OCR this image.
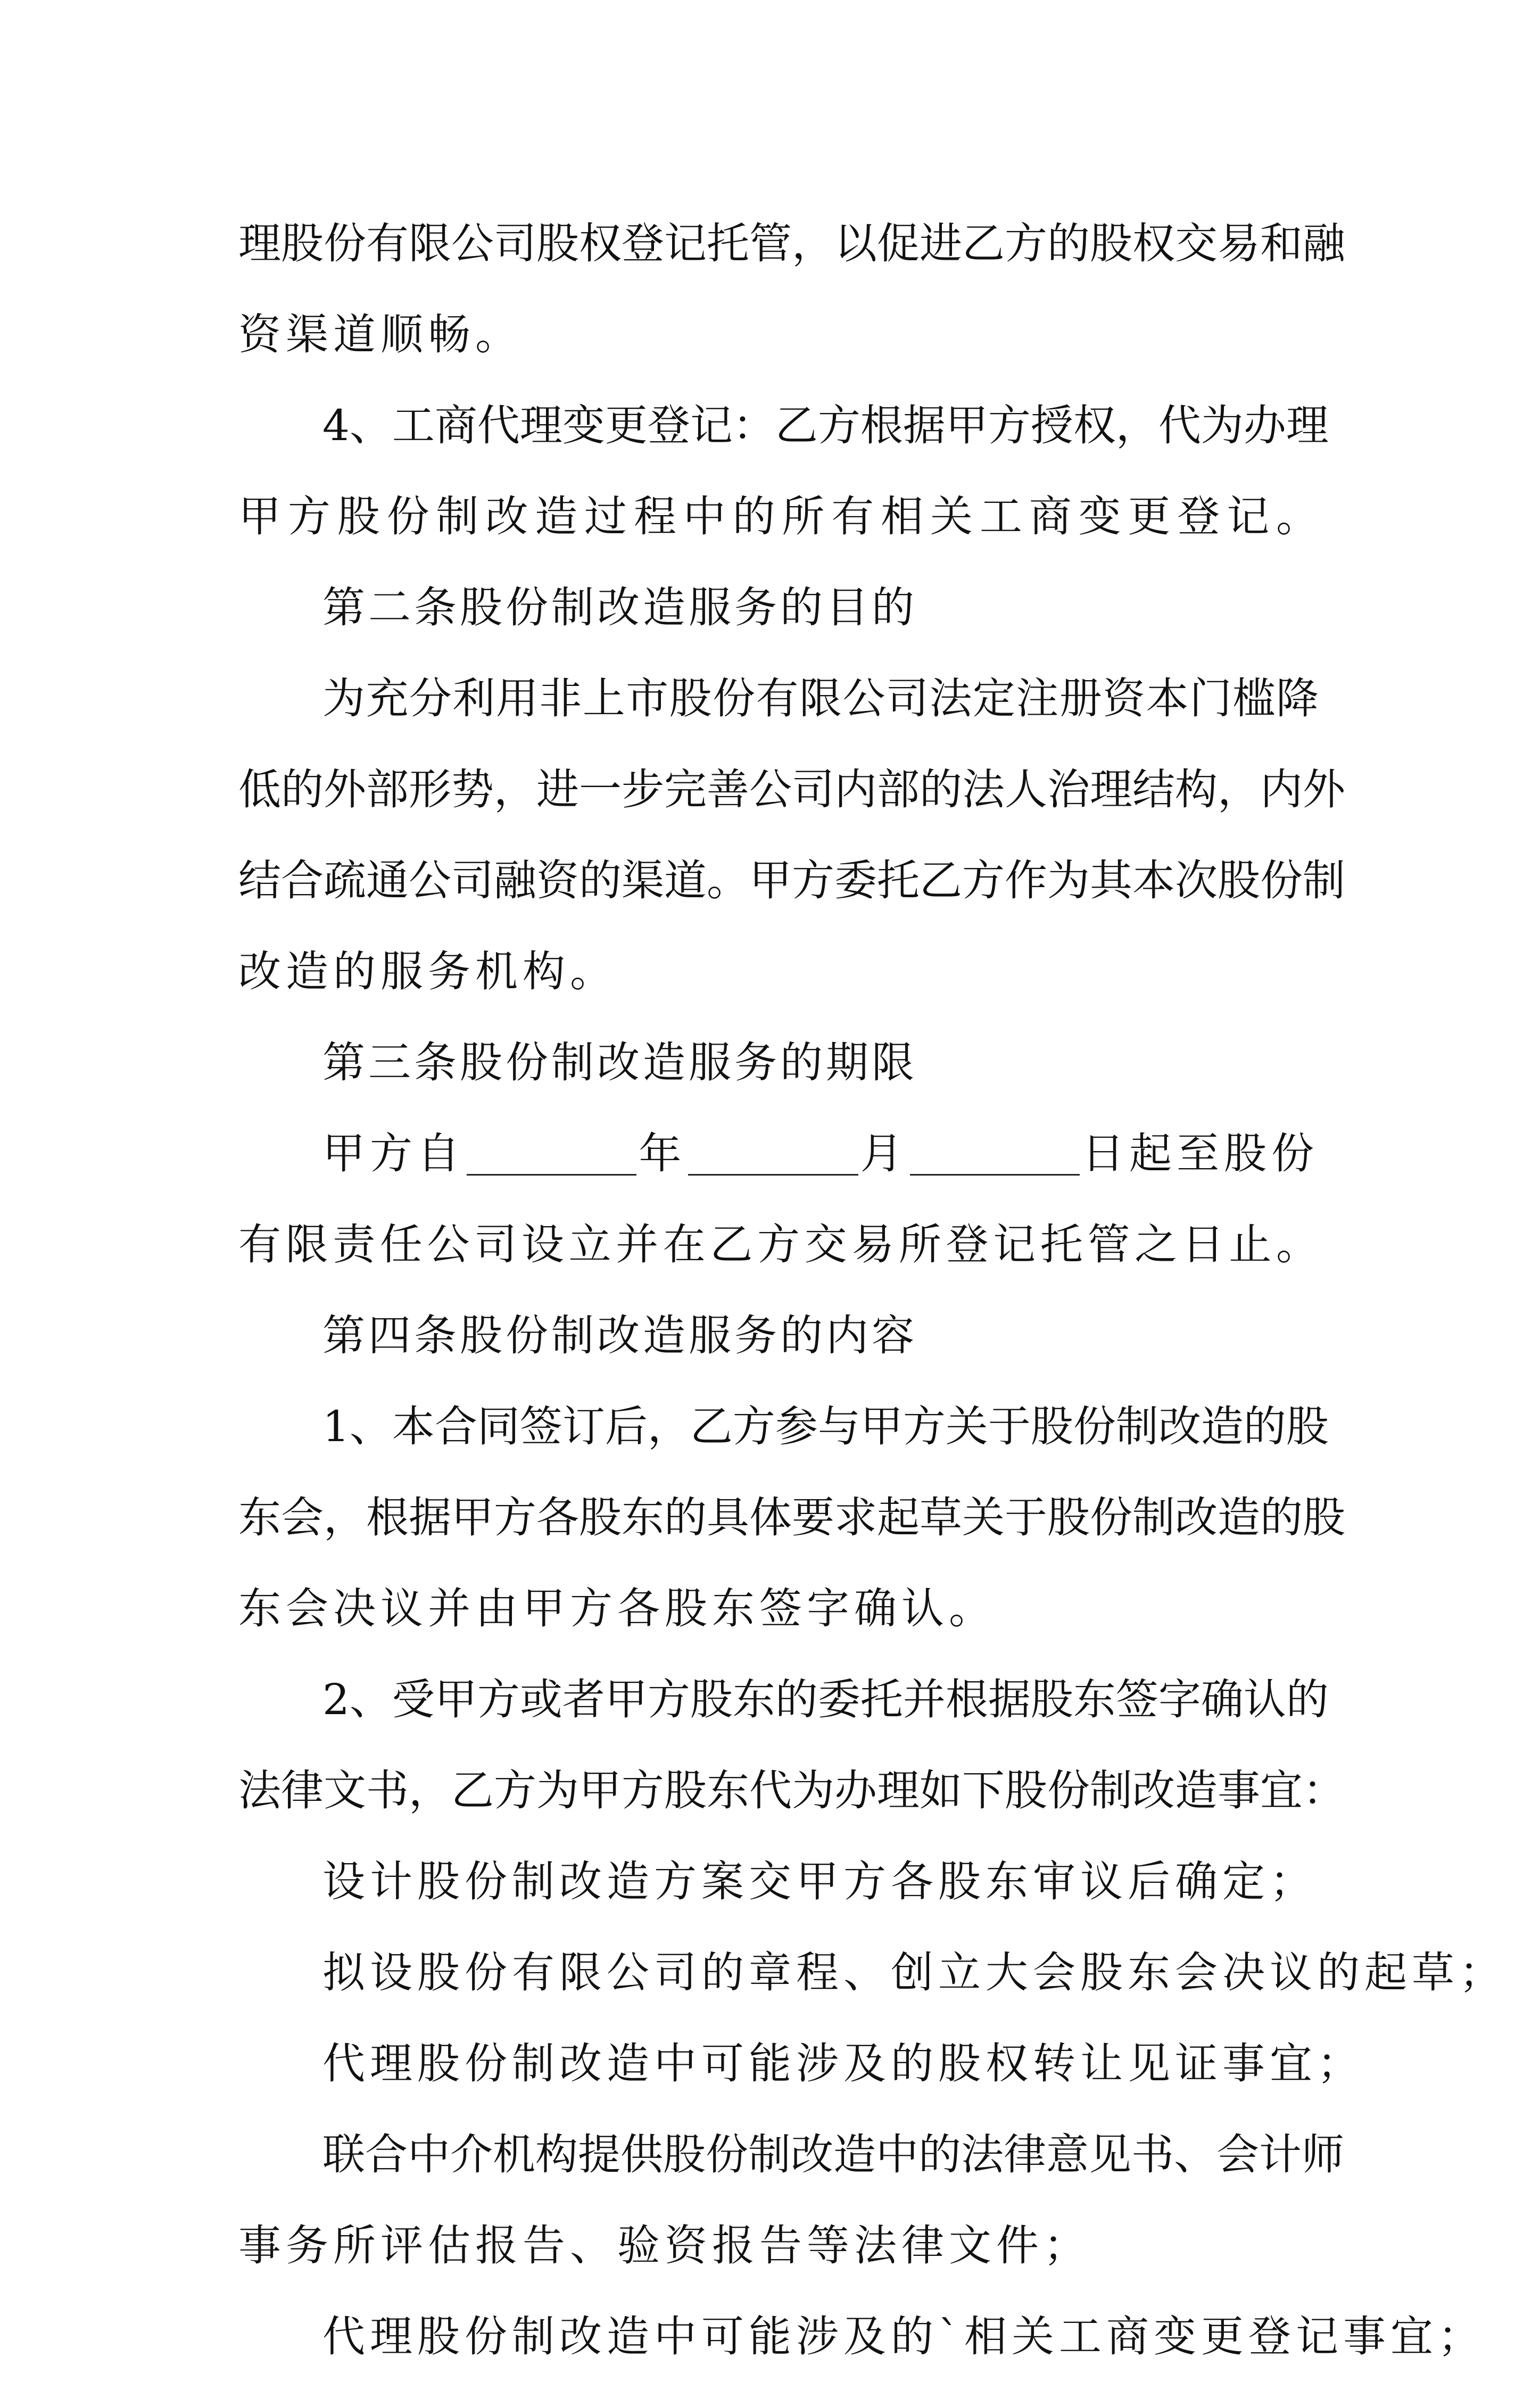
理股份有限公司股权登记托管，以促进乙方的股权交易和融
资渠道顺畅。
4、工商代理变更登记：乙方根据甲方授权，代为办理
甲方股份制改造过程中的所有相关工商变更登记。
第二条股份制改造服务的目的
为充分利用非上市股份有限公司法定注册资本门槛降
低的外部形势，进一步完善公司内部的法人治理结构，内外
结合疏通公司融资的渠道。甲方委托乙方作为其本次股份制
改造的服务机构。
第三条股份制改造服务的期限
甲方自	年	月	日起至股份
有限责任公司设立并在乙方交易所登记托管之日止。
第四条股份制改造服务的内容
1、本合同签订后，乙方参与甲方关于股份制改造的股
东会，根据甲方各股东的具体要求起草关于股份制改造的股
东会决议并由甲方各股东签字确认。
2、受甲方或者甲方股东的委托并根据股东签字确认的
法律文书，乙方为甲方股东代为办理如下股份制改造事宜：
设计股份制改造方案交甲方各股东审议后确定；
拟设股份有限公司的章程、创立大会股东会决议的起草；
代理股份制改造中可能涉及的股权转让见证事宜；
联合中介机构提供股份制改造中的法律意见书、会计师
事务所评估报告、验资报告等法律文件；
代理股份制改造中可能涉及的`相关工商变更登记事宜；
